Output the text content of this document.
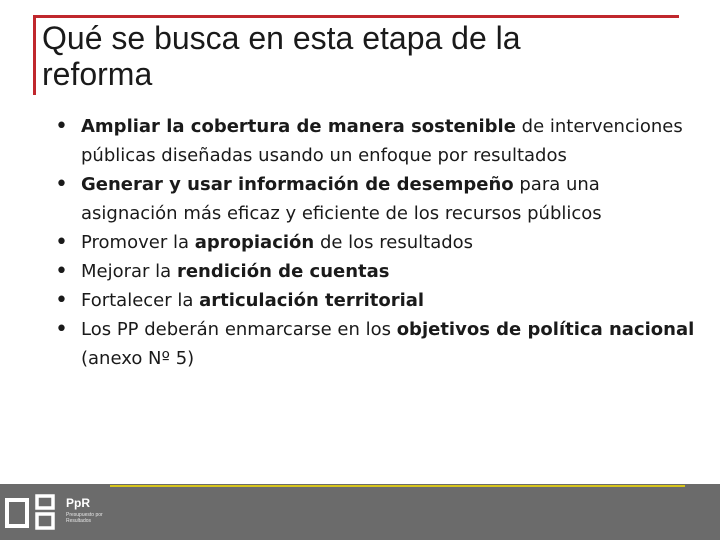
Qué se busca en esta etapa de la
reforma
• Ampliar la cobertura de manera sostenible de intervenciones públicas diseñadas usando un enfoque por resultados
• Generar y usar información de desempeño para una asignación más eficaz y eficiente de los recursos públicos
• Promover la apropiación de los resultados
• Mejorar la rendición de cuentas
• Fortalecer la articulación territorial
• Los PP deberán enmarcarse en los objetivos de política nacional (anexo Nº 5)
PpR
Presupuesto por Resultados
